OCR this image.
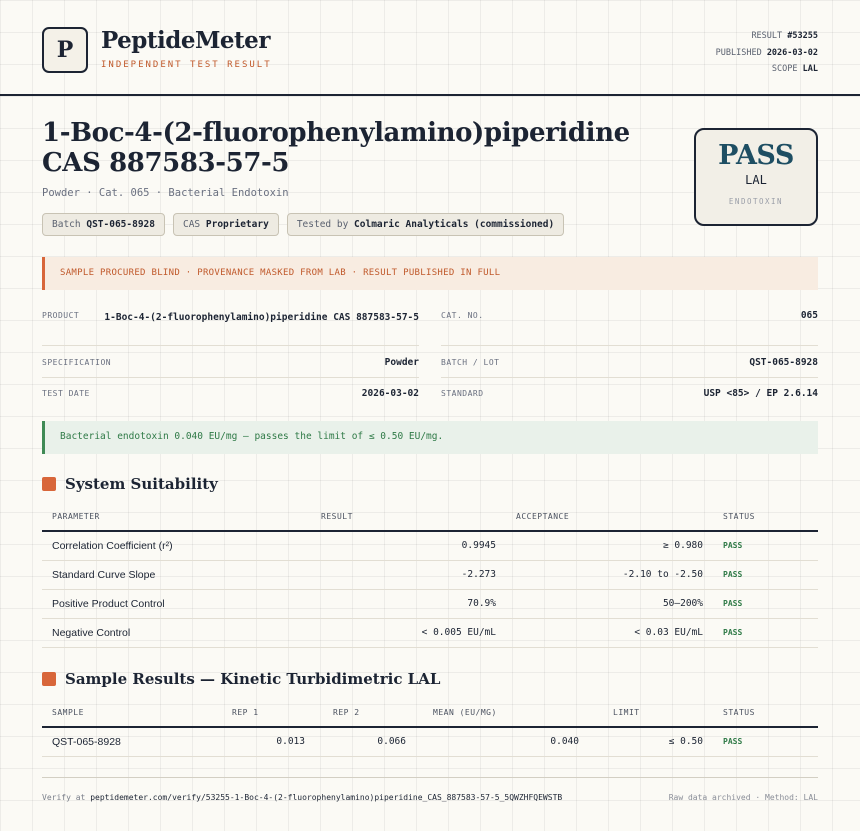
P	PeptideMeter
INDEPENDENT TEST RESULT
RESULT #53255
PUBLISHED 2026-03-02
SCOPE LAL
1-Boc-4-(2-fluorophenylamino)piperidine CAS 887583-57-5
Powder · Cat. 065 · Bacterial Endotoxin
Batch QST-065-8928	CAS Proprietary	Tested by Colmaric Analyticals (commissioned)
PASS
LAL
ENDOTOXIN
SAMPLE PROCURED BLIND · PROVENANCE MASKED FROM LAB · RESULT PUBLISHED IN FULL
PRODUCT	1-Boc-4-(2-fluorophenylamino)piperidine CAS 887583-57-5	CAT. NO.	065
SPECIFICATION	Powder	BATCH / LOT	QST-065-8928
TEST DATE	2026-03-02	STANDARD	USP <85> / EP 2.6.14
Bacterial endotoxin 0.040 EU/mg — passes the limit of ≤ 0.50 EU/mg.
System Suitability
PARAMETER	RESULT	ACCEPTANCE	STATUS
Correlation Coefficient (r²)	0.9945	≥ 0.980	PASS
Standard Curve Slope	-2.273	-2.10 to -2.50	PASS
Positive Product Control	70.9%	50–200%	PASS
Negative Control	< 0.005 EU/mL	< 0.03 EU/mL	PASS
Sample Results — Kinetic Turbidimetric LAL
SAMPLE	REP 1	REP 2	MEAN (EU/MG)	LIMIT	STATUS
QST-065-8928	0.013	0.066	0.040	≤ 0.50	PASS
Verify at peptidemeter.com/verify/53255-1-Boc-4-(2-fluorophenylamino)piperidine_CAS_887583-57-5_5QWZHFQEWSTB	Raw data archived · Method: LAL
